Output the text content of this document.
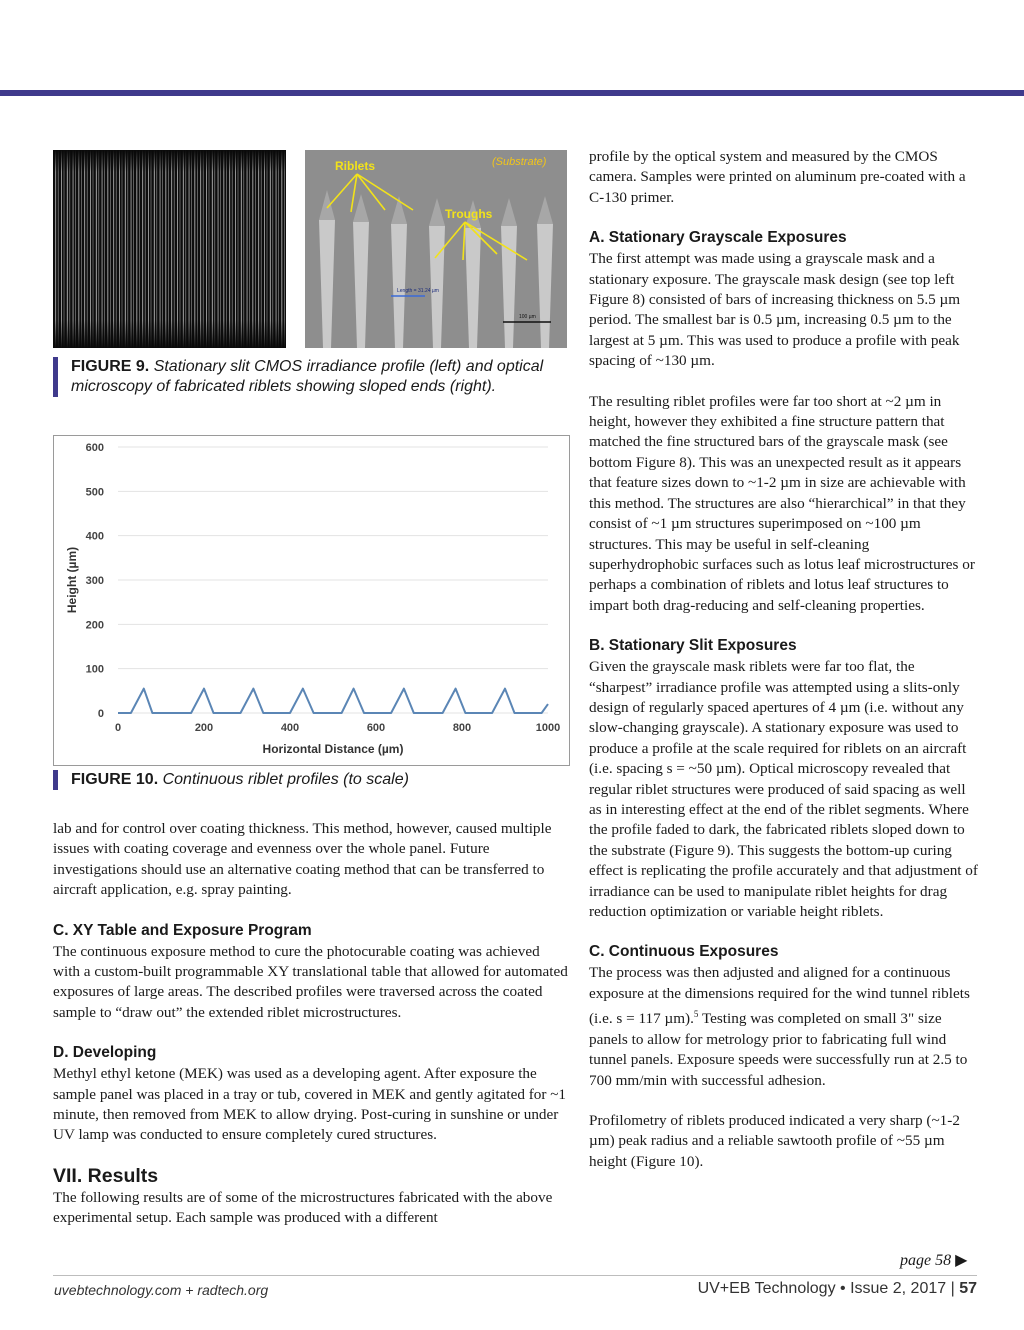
Riblets	(Substrate)
Troughs
Length = 31.24 µm
100 µm
FIGURE 9. Stationary slit CMOS irradiance profile (left) and optical microscopy of fabricated riblets showing sloped ends (right).
0
100
200
300
400
500
600
0	200	400	600	800	1000
Horizontal Distance (µm)
Height (µm)
FIGURE 10. Continuous riblet profiles (to scale)

lab and for control over coating thickness. This method, however, caused multiple issues with coating coverage and evenness over the whole panel. Future investigations should use an alternative coating method that can be transferred to aircraft application, e.g. spray painting.

C. XY Table and Exposure Program

The continuous exposure method to cure the photocurable coating was achieved with a custom-built programmable XY translational table that allowed for automated exposures of large areas. The described profiles were traversed across the coated sample to “draw out” the extended riblet microstructures.

D. Developing

Methyl ethyl ketone (MEK) was used as a developing agent. After exposure the sample panel was placed in a tray or tub, covered in MEK and gently agitated for ~1 minute, then removed from MEK to allow drying. Post-curing in sunshine or under UV lamp was conducted to ensure completely cured structures.

VII. Results

The following results are of some of the microstructures fabricated with the above experimental setup. Each sample was produced with a different

profile by the optical system and measured by the CMOS camera. Samples were printed on aluminum pre-coated with a C-130 primer.

A. Stationary Grayscale Exposures

The first attempt was made using a grayscale mask and a stationary exposure. The grayscale mask design (see top left Figure 8) consisted of bars of increasing thickness on 5.5 µm period. The smallest bar is 0.5 µm, increasing 0.5 µm to the largest at 5 µm. This was used to produce a profile with peak spacing of ~130 µm.

The resulting riblet profiles were far too short at ~2 µm in height, however they exhibited a fine structure pattern that matched the fine structured bars of the grayscale mask (see bottom Figure 8). This was an unexpected result as it appears that feature sizes down to ~1-2 µm in size are achievable with this method. The structures are also “hierarchical” in that they consist of ~1 µm structures superimposed on ~100 µm structures. This may be useful in self-cleaning superhydrophobic surfaces such as lotus leaf microstructures or perhaps a combination of riblets and lotus leaf structures to impart both drag-reducing and self-cleaning properties.

B. Stationary Slit Exposures

Given the grayscale mask riblets were far too flat, the “sharpest” irradiance profile was attempted using a slits-only design of regularly spaced apertures of 4 µm (i.e. without any slow-changing grayscale). A stationary exposure was used to produce a profile at the scale required for riblets on an aircraft (i.e. spacing s = ~50 µm). Optical microscopy revealed that regular riblet structures were produced of said spacing as well as in interesting effect at the end of the riblet segments. Where the profile faded to dark, the fabricated riblets sloped down to the substrate (Figure 9). This suggests the bottom-up curing effect is replicating the profile accurately and that adjustment of irradiance can be used to manipulate riblet heights for drag reduction optimization or variable height riblets.

C. Continuous Exposures

The process was then adjusted and aligned for a continuous exposure at the dimensions required for the wind tunnel riblets (i.e. s = 117 µm).$^5$ Testing was completed on small 3" size panels to allow for metrology prior to fabricating full wind tunnel panels. Exposure speeds were successfully run at 2.5 to 700 mm/min with successful adhesion.

Profilometry of riblets produced indicated a very sharp (~1-2 µm) peak radius and a reliable sawtooth profile of ~55 µm height (Figure 10).

page 58 ▶
uvebtechnology.com + radtech.org	UV+EB Technology • Issue 2, 2017 | 57
